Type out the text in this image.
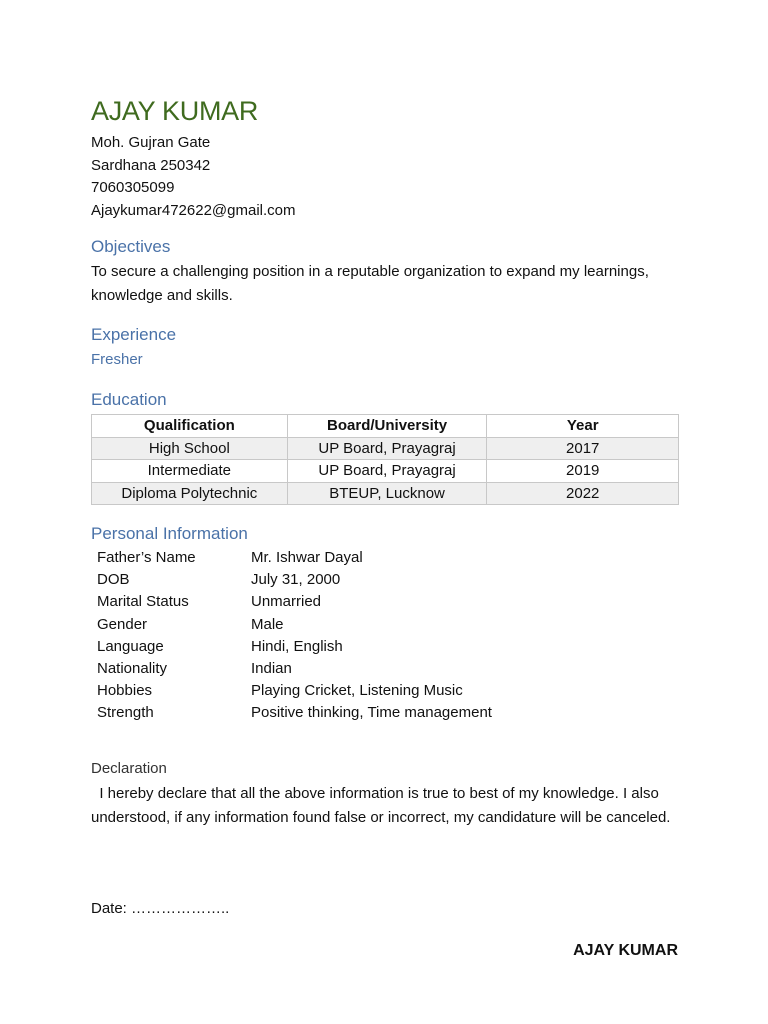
AJAY KUMAR
Moh. Gujran Gate
Sardhana 250342
7060305099
Ajaykumar472622@gmail.com
Objectives
To secure a challenging position in a reputable organization to expand my learnings, knowledge and skills.
Experience
Fresher
Education
Qualification	Board/University	Year
High School	UP Board, Prayagraj	2017
Intermediate	UP Board, Prayagraj	2019
Diploma Polytechnic	BTEUP, Lucknow	2022
Personal Information
Father’s Name	Mr. Ishwar Dayal
DOB	July 31, 2000
Marital Status	Unmarried
Gender	Male
Language	Hindi, English
Nationality	Indian
Hobbies	Playing Cricket, Listening Music
Strength	Positive thinking, Time management
Declaration
I hereby declare that all the above information is true to best of my knowledge. I also understood, if any information found false or incorrect, my candidature will be canceled.
Date: ………………..
AJAY KUMAR
